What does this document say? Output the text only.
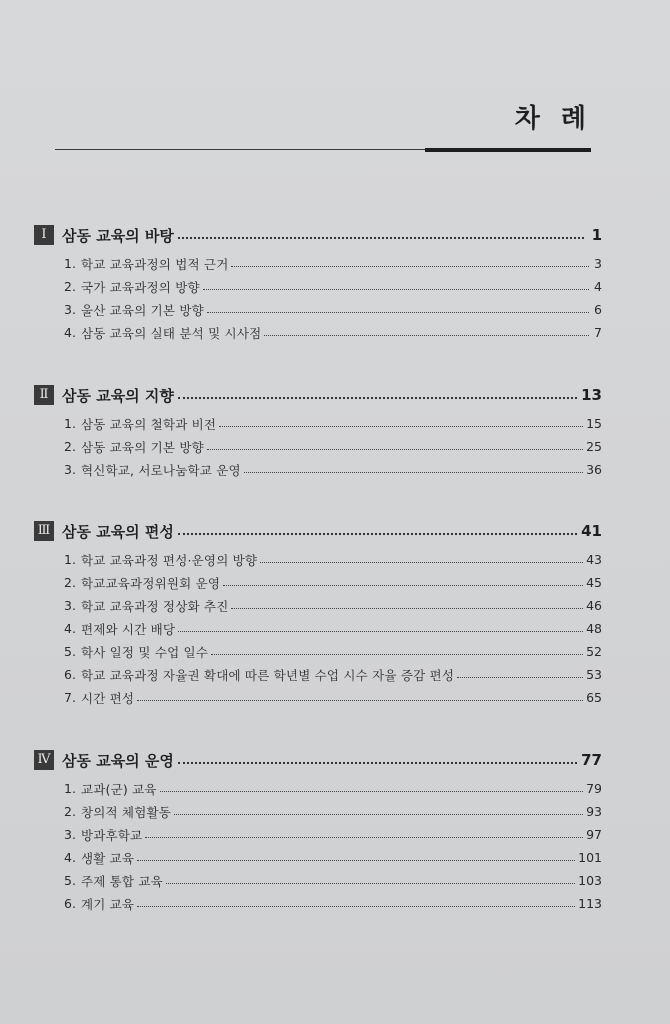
차 례
Ⅰ	삼동 교육의 바탕	1
1. 학교 교육과정의 법적 근거	3
2. 국가 교육과정의 방향	4
3. 울산 교육의 기본 방향	6
4. 삼동 교육의 실태 분석 및 시사점	7
Ⅱ 삼동 교육의 지향	13
1. 삼동 교육의 철학과 비전	15
2. 삼동 교육의 기본 방향	25
3. 혁신학교, 서로나눔학교 운영	36
Ⅲ 삼동 교육의 편성	41
1. 학교 교육과정 편성·운영의 방향	43
2. 학교교육과정위원회 운영	45
3. 학교 교육과정 정상화 추진	46
4. 편제와 시간 배당	48
5. 학사 일정 및 수업 일수	52
6. 학교 교육과정 자율권 확대에 따른 학년별 수업 시수 자율 증감 편성	53
7. 시간 편성	65
Ⅳ 삼동 교육의 운영	77
1. 교과(군) 교육	79
2. 창의적 체험활동	93
3. 방과후학교	97
4. 생활 교육	101
5. 주제 통합 교육	103
6. 계기 교육	113
